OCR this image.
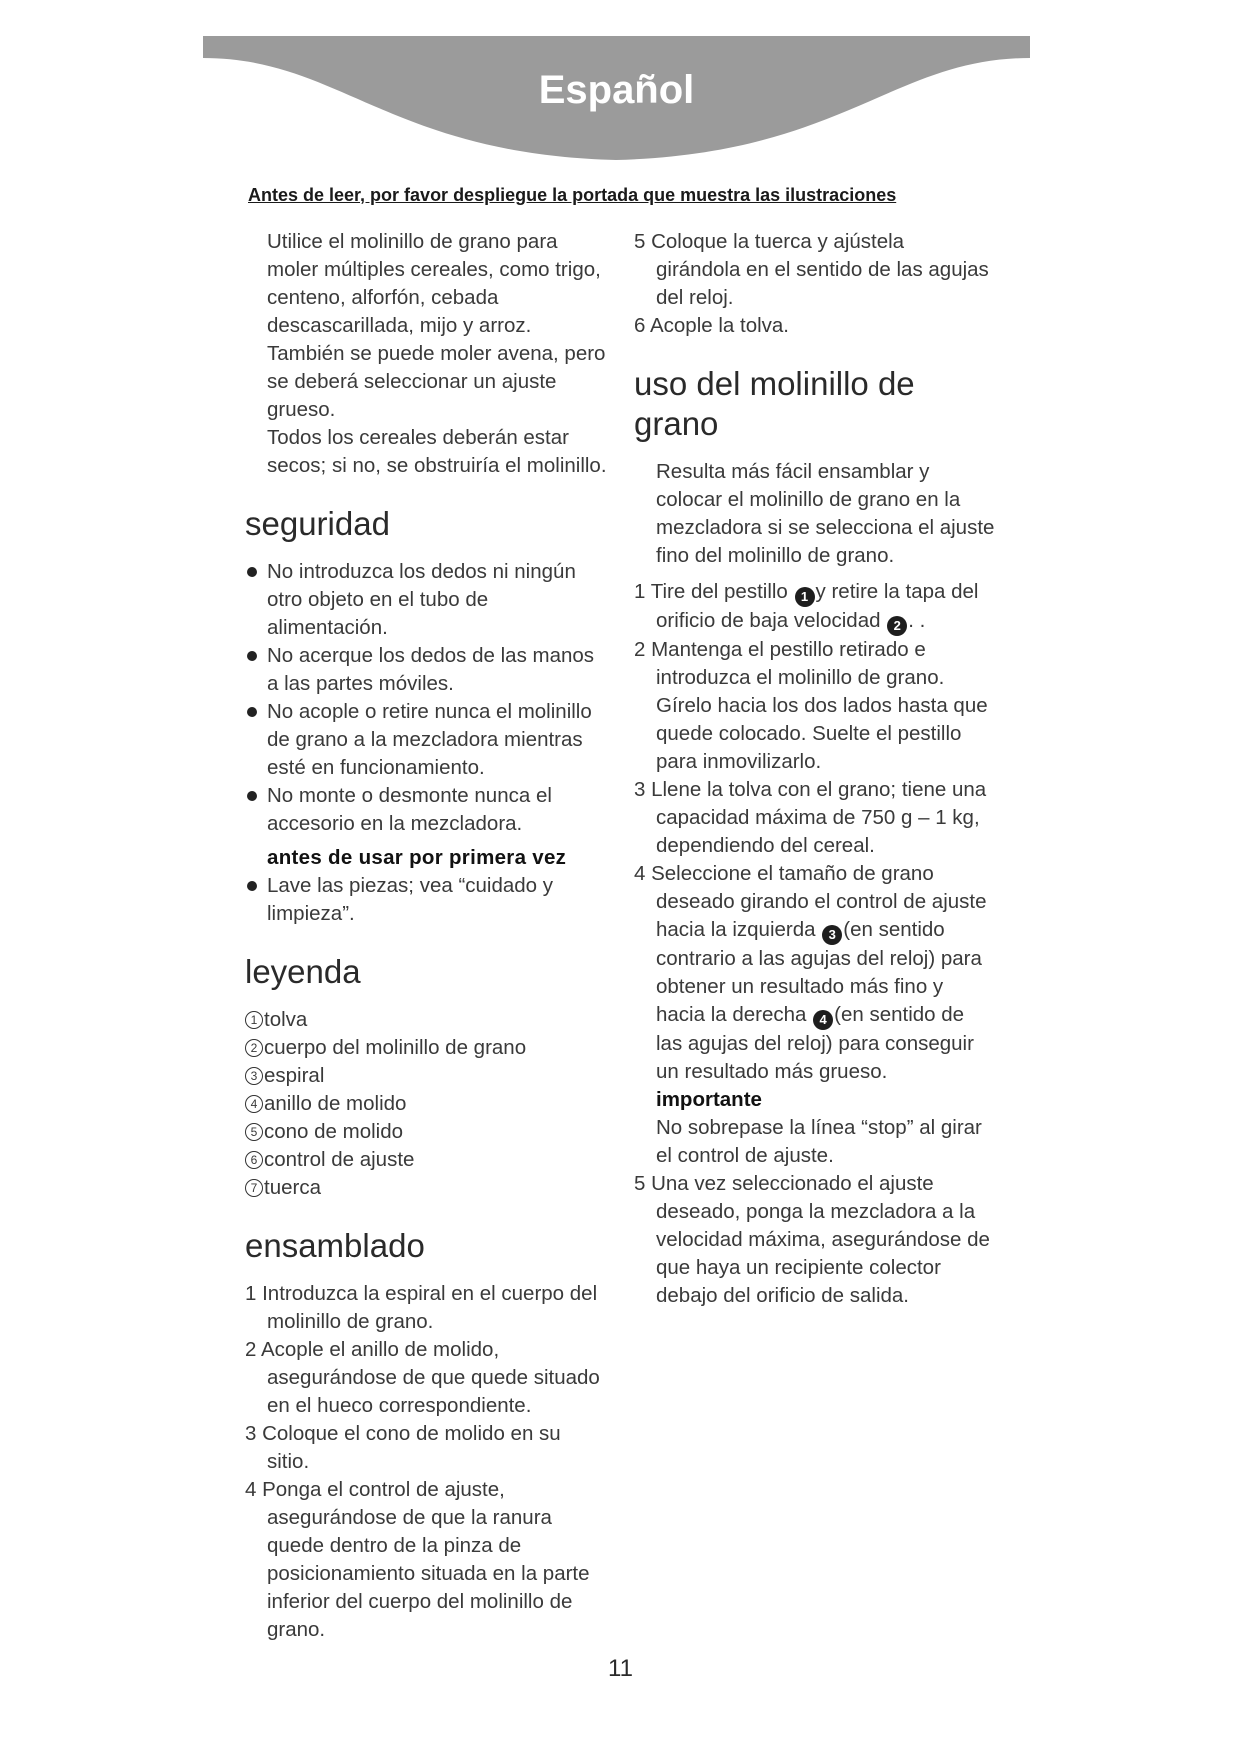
Español
Antes de leer, por favor despliegue la portada que muestra las ilustraciones

Utilice el molinillo de grano para

moler múltiples cereales, como trigo,

centeno, alforfón, cebada

descascarillada, mijo y arroz.

También se puede moler avena, pero

se deberá seleccionar un ajuste

grueso.

Todos los cereales deberán estar

secos; si no, se obstruiría el molinillo.

seguridad

No introduzca los dedos ni ningún

otro objeto en el tubo de

alimentación.

No acerque los dedos de las manos

a las partes móviles.

No acople o retire nunca el molinillo

de grano a la mezcladora mientras

esté en funcionamiento.

No monte o desmonte nunca el

accesorio en la mezcladora.

antes de usar por primera vez

Lave las piezas; vea “cuidado y

limpieza”.

leyenda
1 tolva
2 cuerpo del molinillo de grano
3 espiral
4 anillo de molido
5 cono de molido
6 control de ajuste
7 tuerca
ensamblado

1 Introduzca la espiral en el cuerpo del

molinillo de grano.

2 Acople el anillo de molido,

asegurándose de que quede situado

en el hueco correspondiente.

3 Coloque el cono de molido en su

sitio.

4 Ponga el control de ajuste,

asegurándose de que la ranura

quede dentro de la pinza de

posicionamiento situada en la parte

inferior del cuerpo del molinillo de

grano.

5 Coloque la tuerca y ajústela

girándola en el sentido de las agujas

del reloj.

6 Acople la tolva.

uso del molinillo de
grano

Resulta más fácil ensamblar y

colocar el molinillo de grano en la

mezcladora si se selecciona el ajuste

fino del molinillo de grano.

1 Tire del pestillo 1 y retire la tapa del

orificio de baja velocidad 2 . .

2 Mantenga el pestillo retirado e

introduzca el molinillo de grano.

Gírelo hacia los dos lados hasta que

quede colocado. Suelte el pestillo

para inmovilizarlo.

3 Llene la tolva con el grano; tiene una

capacidad máxima de 750 g – 1 kg,

dependiendo del cereal.

4 Seleccione el tamaño de grano

deseado girando el control de ajuste

hacia la izquierda 3 (en sentido

contrario a las agujas del reloj) para

obtener un resultado más fino y

hacia la derecha 4 (en sentido de

las agujas del reloj) para conseguir

un resultado más grueso.

importante

No sobrepase la línea “stop” al girar

el control de ajuste.

5 Una vez seleccionado el ajuste

deseado, ponga la mezcladora a la

velocidad máxima, asegurándose de

que haya un recipiente colector

debajo del orificio de salida.

11
